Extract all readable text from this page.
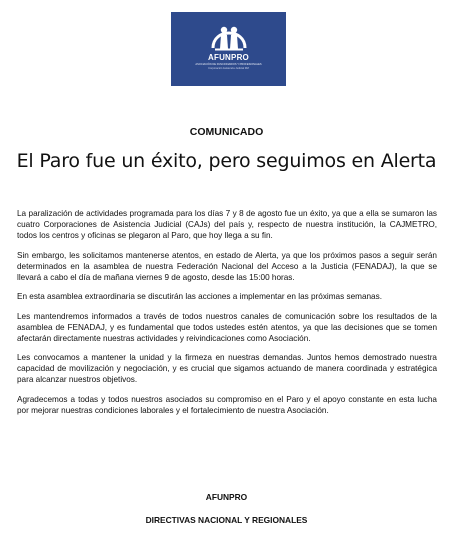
AFUNPRO
ASOCIACIÓN DE FUNCIONARIOS Y PROFESIONALES
Corporación Asistencia Judicial RM
COMUNICADO
El Paro fue un éxito, pero seguimos en Alerta

La paralización de actividades programada para los días 7 y 8 de agosto fue un éxito, ya que a ella se sumaron las cuatro Corporaciones de Asistencia Judicial (CAJs) del país y, respecto de nuestra institución, la CAJMETRO, todos los centros y oficinas se plegaron al Paro, que hoy llega a su fin.

Sin embargo, les solicitamos mantenerse atentos, en estado de Alerta, ya que los próximos pasos a seguir serán determinados en la asamblea de nuestra Federación Nacional del Acceso a la Justicia (FENADAJ), la que se llevará a cabo el día de mañana viernes 9 de agosto, desde las 15:00 horas.

En esta asamblea extraordinaria se discutirán las acciones a implementar en las próximas semanas.

Les mantendremos informados a través de todos nuestros canales de comunicación sobre los resultados de la asamblea de FENADAJ, y es fundamental que todos ustedes estén atentos, ya que las decisiones que se tomen afectarán directamente nuestras actividades y reivindicaciones como Asociación.

Les convocamos a mantener la unidad y la firmeza en nuestras demandas. Juntos hemos demostrado nuestra capacidad de movilización y negociación, y es crucial que sigamos actuando de manera coordinada y estratégica para alcanzar nuestros objetivos.

Agradecemos a todas y todos nuestros asociados su compromiso en el Paro y el apoyo constante en esta lucha por mejorar nuestras condiciones laborales y el fortalecimiento de nuestra Asociación.

AFUNPRO
DIRECTIVAS NACIONAL Y REGIONALES
